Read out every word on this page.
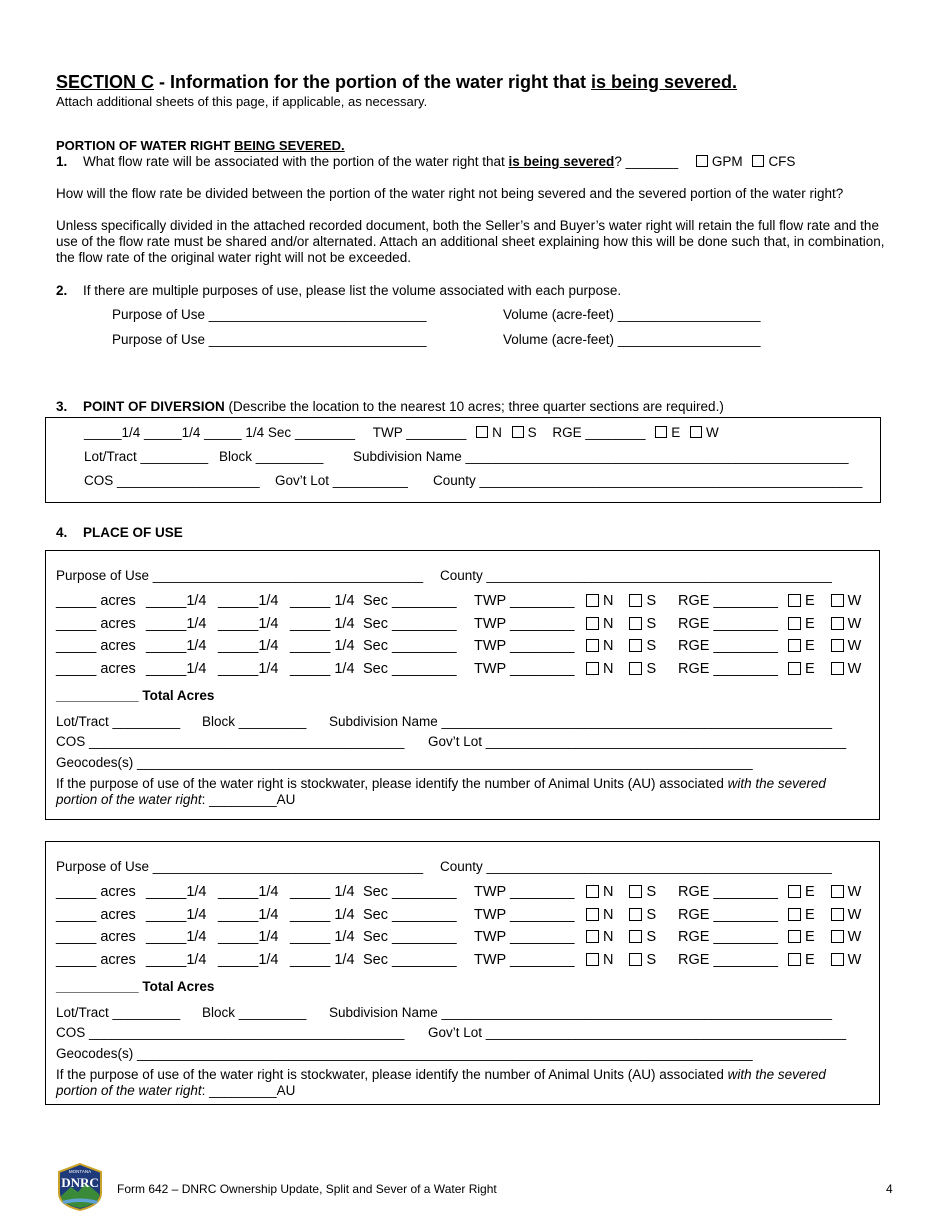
SECTION C - Information for the portion of the water right that is being severed.
Attach additional sheets of this page, if applicable, as necessary.
PORTION OF WATER RIGHT BEING SEVERED.
1. What flow rate will be associated with the portion of the water right that is being severed? _______	GPM CFS
How will the flow rate be divided between the portion of the water right not being severed and the severed portion of the water right?
Unless specifically divided in the attached recorded document, both the Seller’s and Buyer’s water right will retain the full flow rate and the use of the flow rate must be shared and/or alternated. Attach an additional sheet explaining how this will be done such that, in combination, the flow rate of the original water right will not be exceeded.
2. If there are multiple purposes of use, please list the volume associated with each purpose.
Purpose of Use _____________________________	Volume (acre-feet) ___________________
Purpose of Use _____________________________	Volume (acre-feet) ___________________
3. POINT OF DIVERSION (Describe the location to the nearest 10 acres; three quarter sections are required.)
_____1/4 _____1/4 _____ 1/4 Sec ________ TWP ________ N S RGE ________ E W
Lot/Tract _________ Block _________ Subdivision Name ___________________________________________________
COS ___________________ Gov’t Lot __________ County ___________________________________________________
4. PLACE OF USE
Purpose of Use ____________________________________ County ______________________________________________
_____ acres _____1/4 _____1/4 _____ 1/4 Sec ________ TWP ________	N S RGE ________	E W
_____ acres _____1/4 _____1/4 _____ 1/4 Sec ________ TWP ________	N S RGE ________	E W
_____ acres _____1/4 _____1/4 _____ 1/4 Sec ________ TWP ________	N S RGE ________	E W
_____ acres _____1/4 _____1/4 _____ 1/4 Sec ________ TWP ________	N S RGE ________	E W
___________ Total Acres
Lot/Tract _________ Block _________ Subdivision Name ____________________________________________________
COS __________________________________________ Gov’t Lot ________________________________________________
Geocodes(s) __________________________________________________________________________________
If the purpose of use of the water right is stockwater, please identify the number of Animal Units (AU) associated with the severed
portion of the water right: _________AU
Purpose of Use ____________________________________ County ______________________________________________
_____ acres _____1/4 _____1/4 _____ 1/4 Sec ________ TWP ________	N S RGE ________	E W
_____ acres _____1/4 _____1/4 _____ 1/4 Sec ________ TWP ________	N S RGE ________	E W
_____ acres _____1/4 _____1/4 _____ 1/4 Sec ________ TWP ________	N S RGE ________	E W
_____ acres _____1/4 _____1/4 _____ 1/4 Sec ________ TWP ________	N S RGE ________	E W
___________ Total Acres
Lot/Tract _________ Block _________ Subdivision Name ____________________________________________________
COS __________________________________________ Gov’t Lot ________________________________________________
Geocodes(s) __________________________________________________________________________________
If the purpose of use of the water right is stockwater, please identify the number of Animal Units (AU) associated with the severed
portion of the water right: _________AU
MONTANA
DNRC Form 642 – DNRC Ownership Update, Split and Sever of a Water Right	4
